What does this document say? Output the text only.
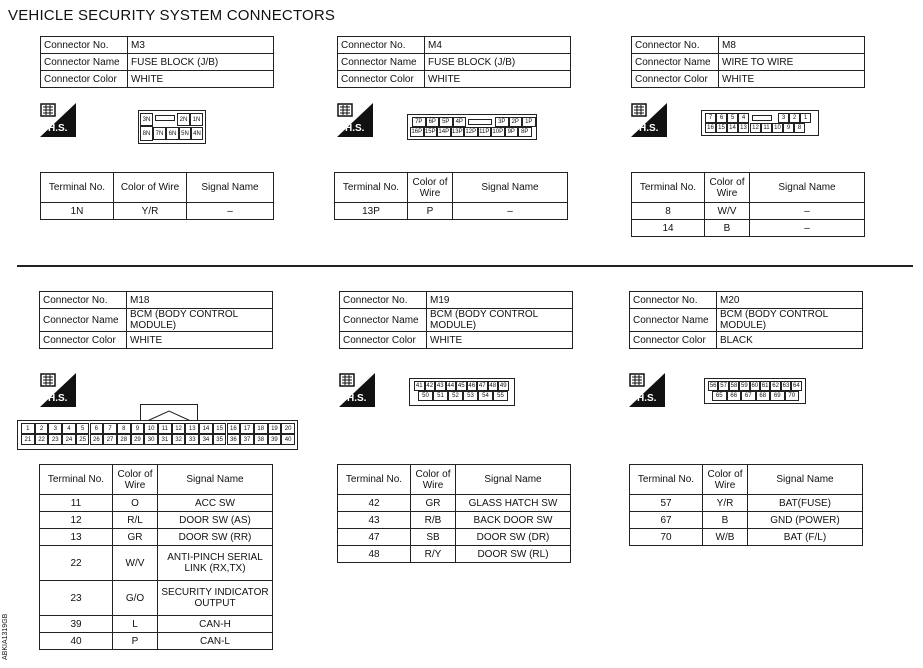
VEHICLE SECURITY SYSTEM CONNECTORS
Connector No.	M3
Connector Name	FUSE BLOCK (J/B)
Connector Color	WHITE
H.S.
Terminal No.	Color of Wire	Signal Name
1N	Y/R	–
Connector No.	M4
Connector Name	FUSE BLOCK (J/B)
Connector Color	WHITE
H.S.
Terminal No.	Color of Wire	Signal Name
13P	P	–
Connector No.	M8
Connector Name	WIRE TO WIRE
Connector Color	WHITE
H.S.
Terminal No.	Color of Wire	Signal Name
8	W/V	–
14	B	–
Connector No.	M18
Connector Name	BCM (BODY CONTROL MODULE)
Connector Color	WHITE
H.S.
Terminal No.	Color of Wire	Signal Name
11	O	ACC SW
12	R/L	DOOR SW (AS)
13	GR	DOOR SW (RR)
22	W/V	ANTI-PINCH SERIAL LINK (RX,TX)
23	G/O	SECURITY INDICATOR OUTPUT
39	L	CAN-H
40	P	CAN-L
Connector No.	M19
Connector Name	BCM (BODY CONTROL MODULE)
Connector Color	WHITE
H.S.
Terminal No.	Color of Wire	Signal Name
42	GR	GLASS HATCH SW
43	R/B	BACK DOOR SW
47	SB	DOOR SW (DR)
48	R/Y	DOOR SW (RL)
Connector No.	M20
Connector Name	BCM (BODY CONTROL MODULE)
Connector Color	BLACK
H.S.
Terminal No.	Color of Wire	Signal Name
57	Y/R	BAT(FUSE)
67	B	GND (POWER)
70	W/B	BAT (F/L)
3N	2N 1N
8N 7N 6N 5N 4N
7P	6P	5P	4P	3P	2P	1P
16P 15P 14P 13P 12P 11P 10P 9P	8P
7	6	5	4	3	2	1
16 15 14 13 12 11 10 9	8
1	2	3	4	5	6	7	8	9	10	11	12	13	14	15	16	17	18	19	20
21	22	23	24	25	26	27	28	29	30	31	32	33	34	35	36	37	38	39	40
41 42 43 44 45 46 47 48 49
50	51	52	53	54	55
56 57 58 59 60 61 62 63 64
65	66	67	68	69	70
ABKIA1319GB
